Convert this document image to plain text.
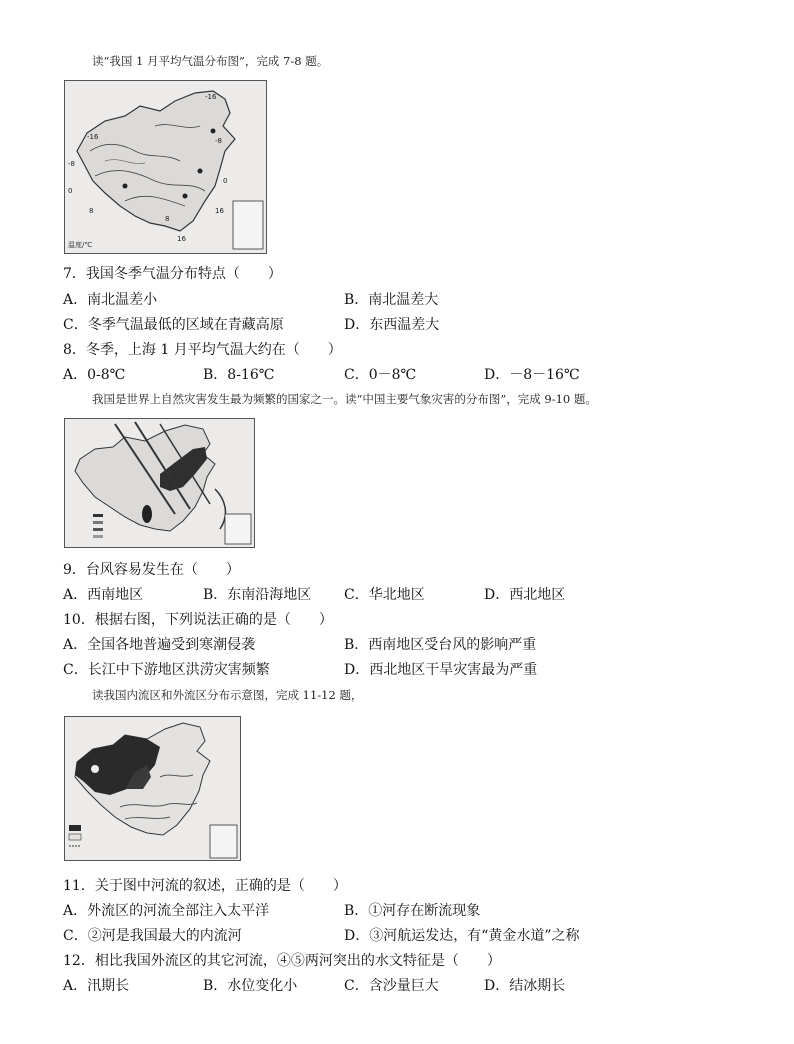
读“我国 1 月平均气温分布图”，完成 7-8 题。
温度/℃
-16
-8
0
8
16
-8
0
16
-16
8
7．我国冬季气温分布特点（　　）
A．南北温差小	B．南北温差大
C．冬季气温最低的区域在青藏高原	D．东西温差大
8．冬季，上海 1 月平均气温大约在（　　）
A．0-8℃	B．8-16℃	C．0－8℃	D．－8－16℃
我国是世界上自然灾害发生最为频繁的国家之一。读“中国主要气象灾害的分布图”，完成 9-10 题。
9．台风容易发生在（　　）
A．西南地区	B．东南沿海地区 C．华北地区	D．西北地区
10．根据右图，下列说法正确的是（　　）
A．全国各地普遍受到寒潮侵袭	B．西南地区受台风的影响严重
C．长江中下游地区洪涝灾害频繁	D．西北地区干旱灾害最为严重
读我国内流区和外流区分布示意图，完成 11-12 题，
11．关于图中河流的叙述，正确的是（　　）
A．外流区的河流全部注入太平洋	B．①河存在断流现象
C．②河是我国最大的内流河	D．③河航运发达，有“黄金水道”之称
12．相比我国外流区的其它河流，④⑤两河突出的水文特征是（　　）
A．汛期长	B．水位变化小	C．含沙量巨大	D．结冰期长
